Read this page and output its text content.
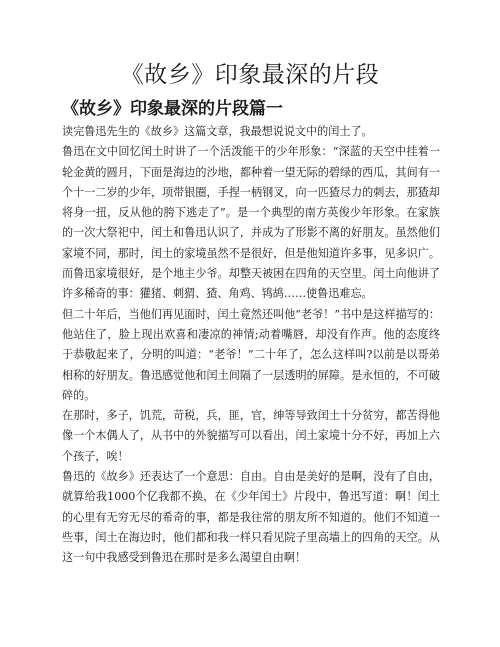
《故乡》印象最深的片段
《故乡》印象最深的片段篇一

读完鲁迅先生的《故乡》这篇文章，我最想说说文中的闰土了。

鲁迅在文中回忆闰土时讲了一个活泼能干的少年形象：“深蓝的天空中挂着一轮金黄的圆月，下面是海边的沙地，都种着一望无际的碧绿的西瓜，其间有一个十一二岁的少年，项带银圈，手捏一柄钢叉，向一匹猹尽力的刺去，那猹却将身一扭，反从他的胯下逃走了”。是一个典型的南方英俊少年形象。在家族的一次大祭祀中，闰土和鲁迅认识了，并成为了形影不离的好朋友。虽然他们家境不同，那时，闰土的家境虽然不是很好，但是他知道许多事，见多识广。而鲁迅家境很好，是个地主少爷。却整天被困在四角的天空里。闰土向他讲了许多稀奇的事：獾猪、刺猬、猹、角鸡、鸨鸪……使鲁迅难忘。

但二十年后，当他们再见面时，闰土竟然还叫他“老爷！”书中是这样描写的：他站住了，脸上现出欢喜和凄凉的神情;动着嘴唇，却没有作声。他的态度终于恭敬起来了，分明的叫道：“老爷！”二十年了，怎么这样叫?以前是以哥弟相称的好朋友。鲁迅感觉他和闰土间隔了一层透明的屏障。是永恒的，不可破碎的。

在那时，多子，饥荒，苛税，兵，匪，官，绅等导致闰土十分贫穷，都苦得他像一个木偶人了，从书中的外貌描写可以看出，闰土家境十分不好，再加上六个孩子，唉！

鲁迅的《故乡》还表达了一个意思：自由。自由是美好的是啊，没有了自由，就算给我1000个亿我都不换，在《少年闰土》片段中，鲁迅写道：啊！闰土的心里有无穷无尽的希奇的事，都是我往常的朋友所不知道的。他们不知道一些事，闰土在海边时，他们都和我一样只看见院子里高墙上的四角的天空。从这一句中我感受到鲁迅在那时是多么渴望自由啊！
